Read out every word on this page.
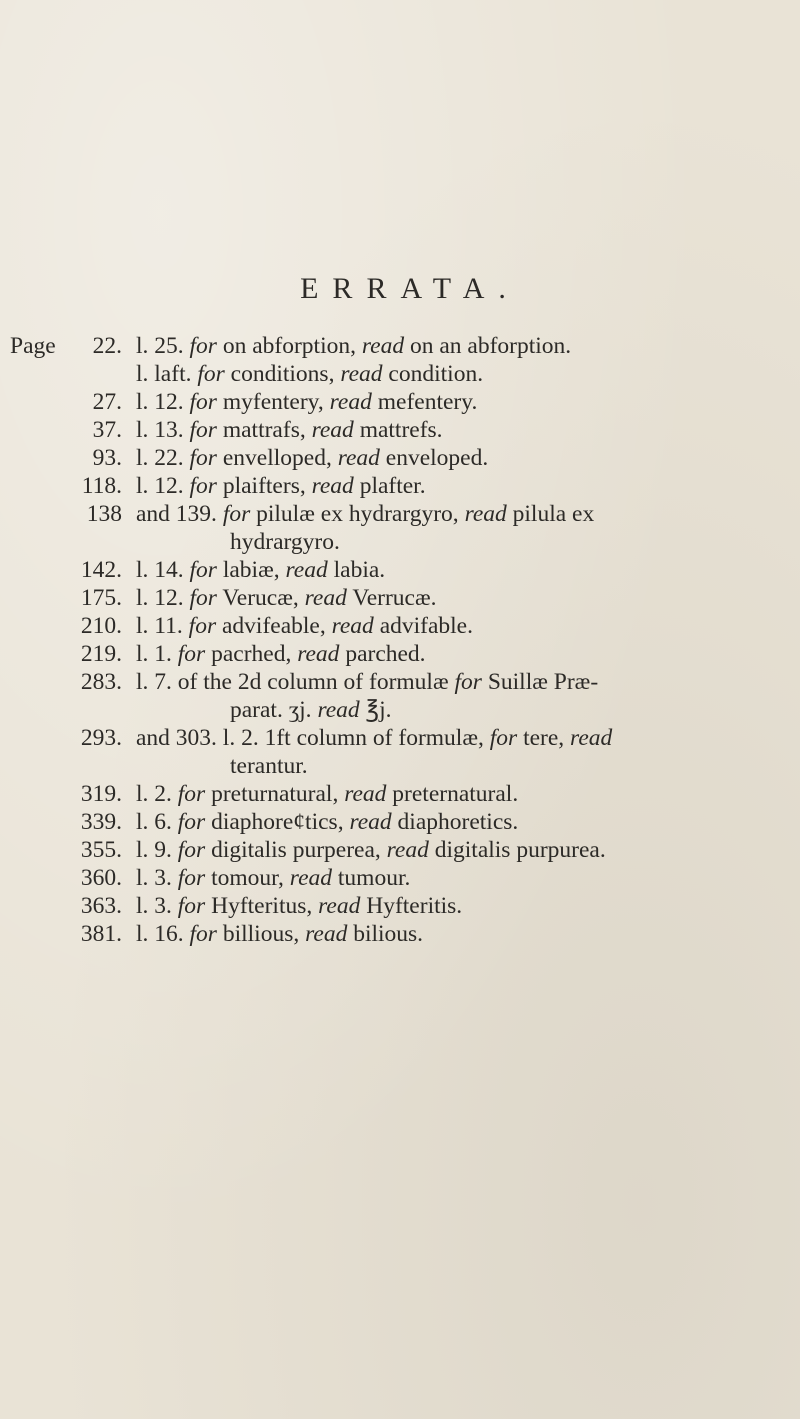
ERRATA.
Page	22. l. 25. for on abforption, read on an abforption.
l. laft. for conditions, read condition.
27. l. 12. for myfentery, read mefentery.
37. l. 13. for mattrafs, read mattrefs.
93. l. 22. for envelloped, read enveloped.
118. l. 12. for plaifters, read plafter.
138 and 139. for pilulæ ex hydrargyro, read pilula ex
hydrargyro.
142. l. 14. for labiæ, read labia.
175. l. 12. for Verucæ, read Verrucæ.
210. l. 11. for advifeable, read advifable.
219. l. 1. for pacrhed, read parched.
283. l. 7. of the 2d column of formulæ for Suillæ Præ-
parat. ʒj. read ℥j.
293. and 303. l. 2. 1ft column of formulæ, for tere, read
terantur.
319. l. 2. for preturnatural, read preternatural.
339. l. 6. for diaphoreȼtics, read diaphoretics.
355. l. 9. for digitalis purperea, read digitalis purpurea.
360. l. 3. for tomour, read tumour.
363. l. 3. for Hyfteritus, read Hyfteritis.
381. l. 16. for billious, read bilious.
